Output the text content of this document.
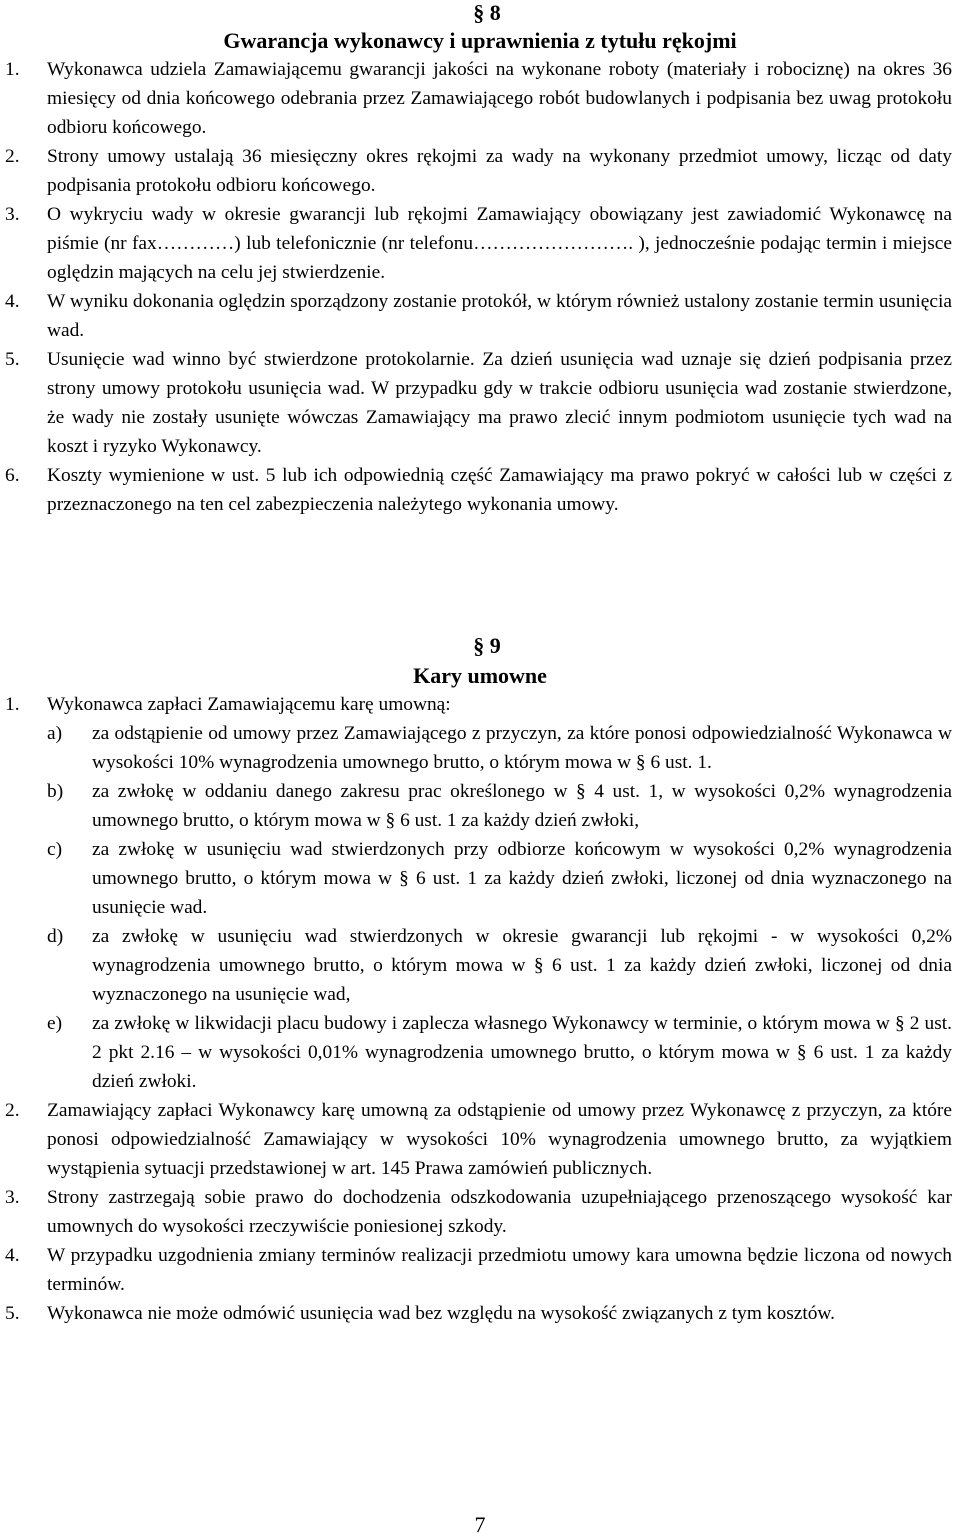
§ 8
Gwarancja wykonawcy i uprawnienia z tytułu rękojmi
1. Wykonawca udziela Zamawiającemu gwarancji jakości na wykonane roboty (materiały i robociznę) na okres 36 miesięcy od dnia końcowego odebrania przez Zamawiającego robót budowlanych i podpisania bez uwag protokołu odbioru końcowego.
2. Strony umowy ustalają 36 miesięczny okres rękojmi za wady na wykonany przedmiot umowy, licząc od daty podpisania protokołu odbioru końcowego.
3. O wykryciu wady w okresie gwarancji lub rękojmi Zamawiający obowiązany jest zawiadomić Wykonawcę na piśmie (nr fax…………) lub telefonicznie (nr telefonu……………………. ), jednocześnie podając termin i miejsce oględzin mających na celu jej stwierdzenie.
4. W wyniku dokonania oględzin sporządzony zostanie protokół, w którym również ustalony zostanie termin usunięcia wad.
5. Usunięcie wad winno być stwierdzone protokolarnie. Za dzień usunięcia wad uznaje się dzień podpisania przez strony umowy protokołu usunięcia wad. W przypadku gdy w trakcie odbioru usunięcia wad zostanie stwierdzone, że wady nie zostały usunięte wówczas Zamawiający ma prawo zlecić innym podmiotom usunięcie tych wad na koszt i ryzyko Wykonawcy.
6. Koszty wymienione w ust. 5 lub ich odpowiednią część Zamawiający ma prawo pokryć w całości lub w części z przeznaczonego na ten cel zabezpieczenia należytego wykonania umowy.
§ 9
Kary umowne
1. Wykonawca zapłaci Zamawiającemu karę umowną:
a) za odstąpienie od umowy przez Zamawiającego z przyczyn, za które ponosi odpowiedzialność Wykonawca w wysokości 10% wynagrodzenia umownego brutto, o którym mowa w § 6 ust. 1.
b) za zwłokę w oddaniu danego zakresu prac określonego w § 4 ust. 1, w wysokości 0,2% wynagrodzenia umownego brutto, o którym mowa w § 6 ust. 1 za każdy dzień zwłoki,
c) za zwłokę w usunięciu wad stwierdzonych przy odbiorze końcowym w wysokości 0,2% wynagrodzenia umownego brutto, o którym mowa w § 6 ust. 1 za każdy dzień zwłoki, liczonej od dnia wyznaczonego na usunięcie wad.
d) za zwłokę w usunięciu wad stwierdzonych w okresie gwarancji lub rękojmi - w wysokości 0,2% wynagrodzenia umownego brutto, o którym mowa w § 6 ust. 1 za każdy dzień zwłoki, liczonej od dnia wyznaczonego na usunięcie wad,
e) za zwłokę w likwidacji placu budowy i zaplecza własnego Wykonawcy w terminie, o którym mowa w § 2 ust. 2 pkt 2.16 – w wysokości 0,01% wynagrodzenia umownego brutto, o którym mowa w § 6 ust. 1 za każdy dzień zwłoki.
2. Zamawiający zapłaci Wykonawcy karę umowną za odstąpienie od umowy przez Wykonawcę z przyczyn, za które ponosi odpowiedzialność Zamawiający w wysokości 10% wynagrodzenia umownego brutto, za wyjątkiem wystąpienia sytuacji przedstawionej w art. 145 Prawa zamówień publicznych.
3. Strony zastrzegają sobie prawo do dochodzenia odszkodowania uzupełniającego przenoszącego wysokość kar umownych do wysokości rzeczywiście poniesionej szkody.
4. W przypadku uzgodnienia zmiany terminów realizacji przedmiotu umowy kara umowna będzie liczona od nowych terminów.
5. Wykonawca nie może odmówić usunięcia wad bez względu na wysokość związanych z tym kosztów.
7
